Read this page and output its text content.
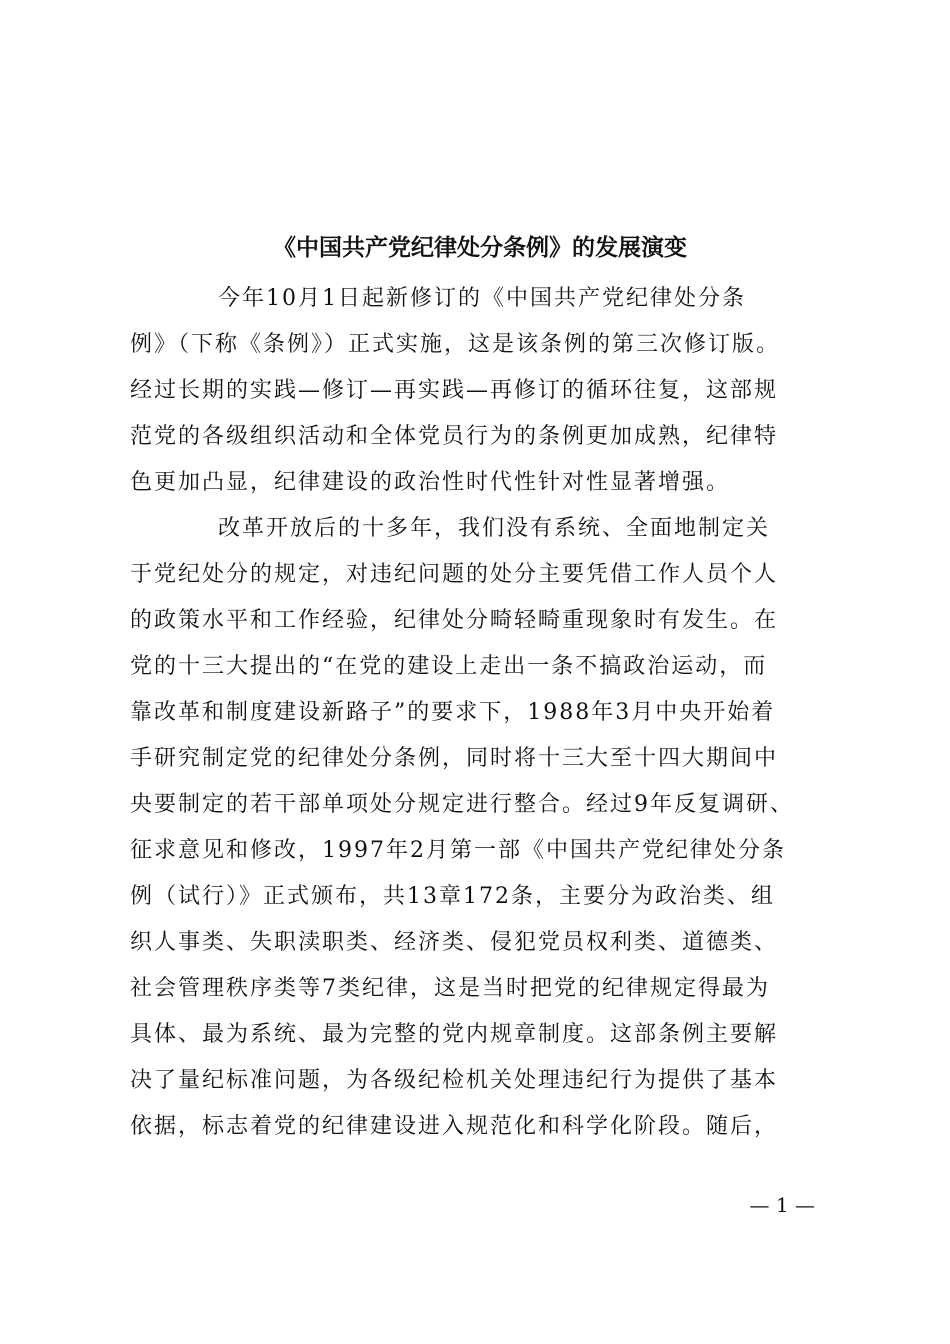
《中国共产党纪律处分条例》的发展演变

今年10月1日起新修订的《中国共产党纪律处分条
例》（下称《条例》）正式实施，这是该条例的第三次修订版。
经过长期的实践—修订—再实践—再修订的循环往复，这部规
范党的各级组织活动和全体党员行为的条例更加成熟，纪律特
色更加凸显，纪律建设的政治性时代性针对性显著增强。

改革开放后的十多年，我们没有系统、全面地制定关
于党纪处分的规定，对违纪问题的处分主要凭借工作人员个人
的政策水平和工作经验，纪律处分畸轻畸重现象时有发生。在
党的十三大提出的“在党的建设上走出一条不搞政治运动，而
靠改革和制度建设新路子”的要求下，1988年3月中央开始着
手研究制定党的纪律处分条例，同时将十三大至十四大期间中
央要制定的若干部单项处分规定进行整合。经过9年反复调研、
征求意见和修改，1997年2月第一部《中国共产党纪律处分条
例（试行）》正式颁布，共13章172条，主要分为政治类、组
织人事类、失职渎职类、经济类、侵犯党员权利类、道德类、
社会管理秩序类等7类纪律，这是当时把党的纪律规定得最为
具体、最为系统、最为完整的党内规章制度。这部条例主要解
决了量纪标准问题，为各级纪检机关处理违纪行为提供了基本
依据，标志着党的纪律建设进入规范化和科学化阶段。随后，

— 1 —
